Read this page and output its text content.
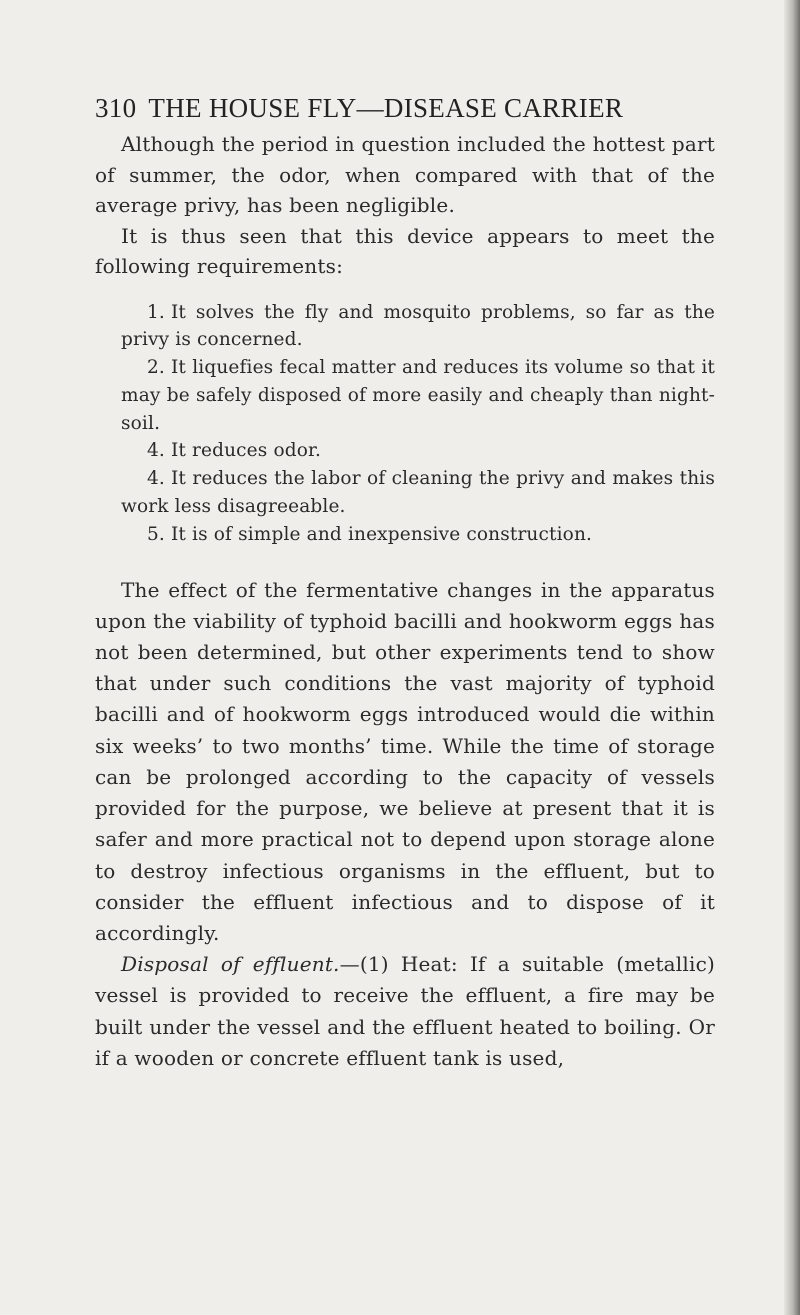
310 THE HOUSE FLY—DISEASE CARRIER

Although the period in question included the hottest part of summer, the odor, when compared with that of the average privy, has been negligible.

It is thus seen that this device appears to meet the following requirements:

1. It solves the fly and mosquito problems, so far as the privy is concerned.
2. It liquefies fecal matter and reduces its volume so that it may be safely disposed of more easily and cheaply than night-soil.
4. It reduces odor.
4. It reduces the labor of cleaning the privy and makes this work less disagreeable.
5. It is of simple and inexpensive construction.

The effect of the fermentative changes in the apparatus upon the viability of typhoid bacilli and hookworm eggs has not been determined, but other experiments tend to show that under such conditions the vast majority of typhoid bacilli and of hookworm eggs introduced would die within six weeks’ to two months’ time. While the time of storage can be prolonged according to the capacity of vessels provided for the purpose, we believe at present that it is safer and more practical not to depend upon storage alone to destroy infectious organisms in the effluent, but to consider the effluent infectious and to dispose of it accordingly.

Disposal of effluent.—(1) Heat: If a suitable (metallic) vessel is provided to receive the effluent, a fire may be built under the vessel and the effluent heated to boiling. Or if a wooden or concrete effluent tank is used,
